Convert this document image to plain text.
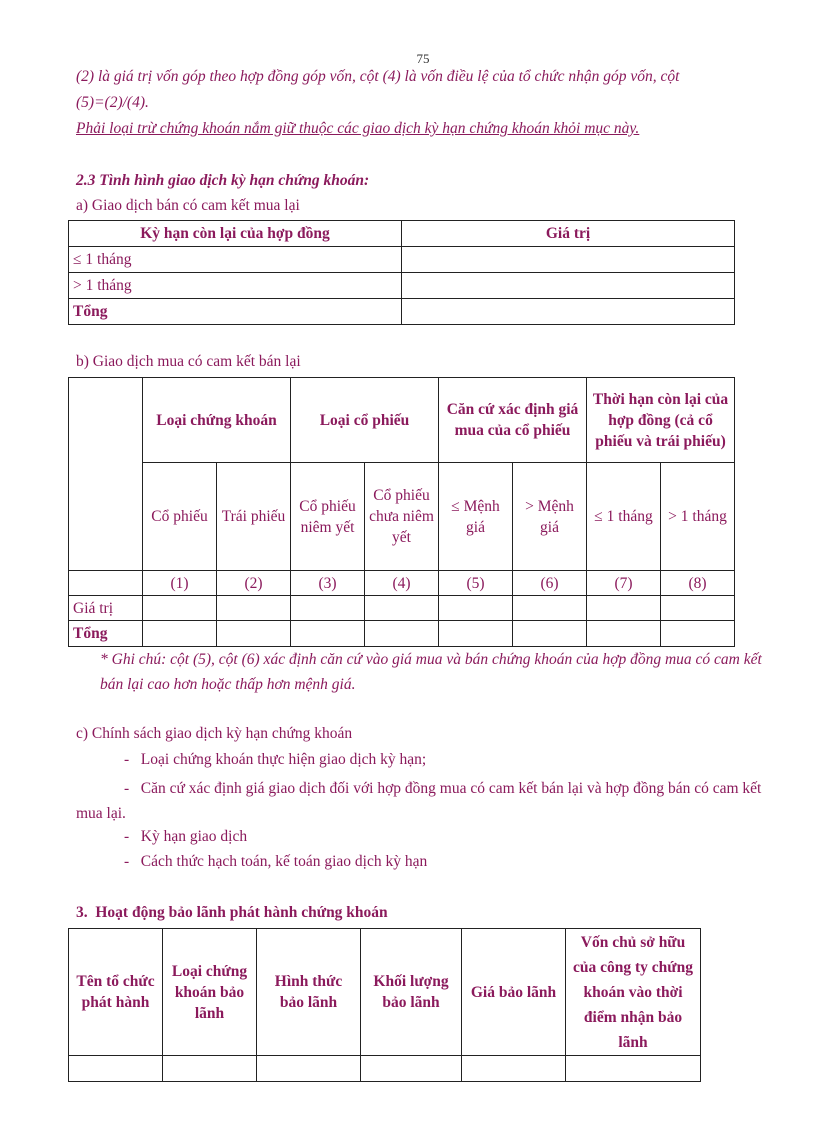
75

(2) là giá trị vốn góp theo hợp đồng góp vốn, cột (4) là vốn điều lệ của tổ chức nhận góp vốn, cột

(5)=(2)/(4).

Phải loại trừ chứng khoán nắm giữ thuộc các giao dịch kỳ hạn chứng khoán khỏi mục này.

2.3 Tình hình giao dịch kỳ hạn chứng khoán:

a) Giao dịch bán có cam kết mua lại

Kỳ hạn còn lại của hợp đồng	Giá trị
≤ 1 tháng	
> 1 tháng	
Tổng	

b) Giao dịch mua có cam kết bán lại

	Loại chứng khoán		Loại cổ phiếu		Căn cứ xác định giá mua của cổ phiếu		Thời hạn còn lại của hợp đồng (cả cổ phiếu và trái phiếu)	
	Cổ phiếu	Trái phiếu	Cổ phiếu niêm yết	Cổ phiếu chưa niêm yết	≤ Mệnh giá	> Mệnh giá	≤ 1 tháng	> 1 tháng
	(1)	(2)	(3)	(4)	(5)	(6)	(7)	(8)
Giá trị								
Tổng								

* Ghi chú: cột (5), cột (6) xác định căn cứ vào giá mua và bán chứng khoán của hợp đồng mua có cam kết bán lại cao hơn hoặc thấp hơn mệnh giá.

c) Chính sách giao dịch kỳ hạn chứng khoán

- Loại chứng khoán thực hiện giao dịch kỳ hạn;

- Căn cứ xác định giá giao dịch đối với hợp đồng mua có cam kết bán lại và hợp đồng bán có cam kết mua lại.

- Kỳ hạn giao dịch

- Cách thức hạch toán, kế toán giao dịch kỳ hạn

3.  Hoạt động bảo lãnh phát hành chứng khoán

Tên tổ chức phát hành	Loại chứng khoán bảo lãnh	Hình thức bảo lãnh	Khối lượng bảo lãnh	Giá bảo lãnh	Vốn chủ sở hữu của công ty chứng khoán vào thời điểm nhận bảo lãnh
